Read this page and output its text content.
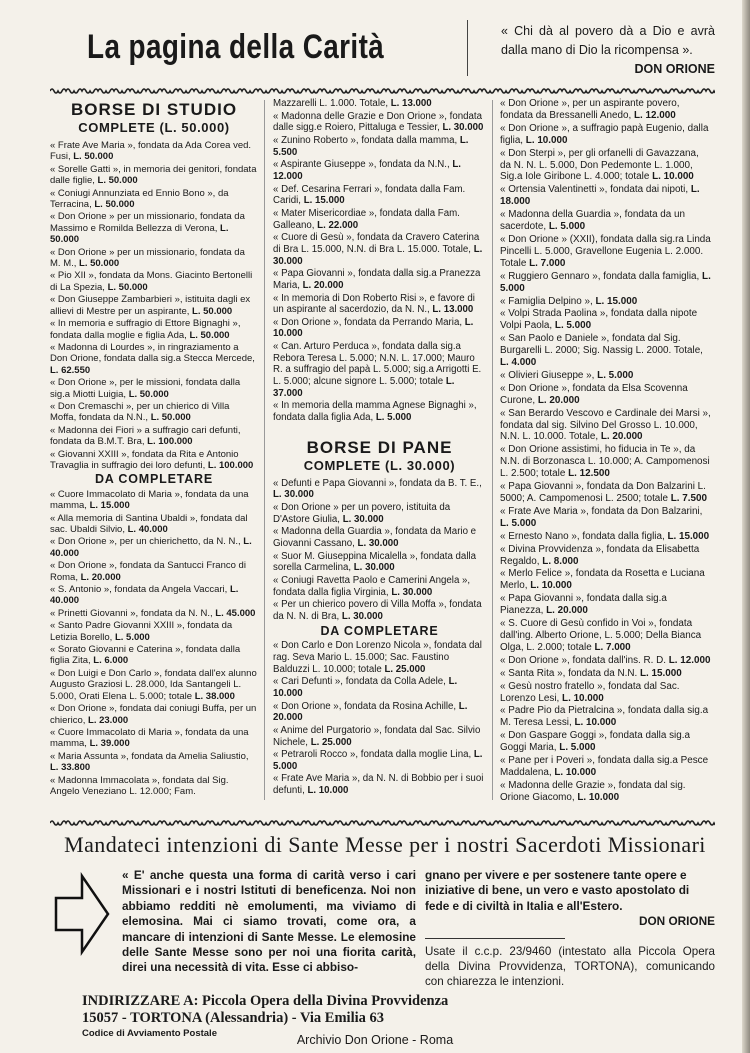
La pagina della Carità	« Chi dà al povero dà a Dio e avrà dalla mano di Dio la ricompensa ».
DON ORIONE
BORSE DI STUDIO
COMPLETE (L. 50.000)
« Frate Ave Maria », fondata da Ada Corea ved. Fusi, L. 50.000
« Sorelle Gatti », in memoria dei genitori, fondata dalle figlie, L. 50.000
« Coniugi Annunziata ed Ennio Bono », da Terracina, L. 50.000
« Don Orione » per un missionario, fondata da Massimo e Romilda Bellezza di Verona, L. 50.000
« Don Orione » per un missionario, fondata da M. M., L. 50.000
« Pio XII », fondata da Mons. Giacinto Bertonelli di La Spezia, L. 50.000
« Don Giuseppe Zambarbieri », istituita dagli ex allievi di Mestre per un aspirante, L. 50.000
« In memoria e suffragio di Ettore Bignaghi », fondata dalla moglie e figlia Ada, L. 50.000
« Madonna di Lourdes », in ringraziamento a Don Orione, fondata dalla sig.a Stecca Mercede, L. 62.550
« Don Orione », per le missioni, fondata dalla sig.a Miotti Luigia, L. 50.000
« Don Cremaschi », per un chierico di Villa Moffa, fondata da N.N., L. 50.000
« Madonna dei Fiori » a suffragio cari defunti, fondata da B.M.T. Bra, L. 100.000
« Giovanni XXIII », fondata da Rita e Antonio Travaglia in suffragio dei loro defunti, L. 100.000
DA COMPLETARE
« Cuore Immacolato di Maria », fondata da una mamma, L. 15.000
« Alla memoria di Santina Ubaldi », fondata dal sac. Ubaldi Silvio, L. 40.000
« Don Orione », per un chierichetto, da N. N., L. 40.000
« Don Orione », fondata da Santucci Franco di Roma, L. 20.000
« S. Antonio », fondata da Angela Vaccari, L. 40.000
« Prinetti Giovanni », fondata da N. N., L. 45.000
« Santo Padre Giovanni XXIII », fondata da Letizia Borello, L. 5.000
« Sorato Giovanni e Caterina », fondata dalla figlia Zita, L. 6.000
« Don Luigi e Don Carlo », fondata dall'ex alunno Augusto Graziosi L. 28.000, Ida Santangeli L. 5.000, Orati Elena L. 5.000; totale L. 38.000
« Don Orione », fondata dai coniugi Buffa, per un chierico, L. 23.000
« Cuore Immacolato di Maria », fondata da una mamma, L. 39.000
« Maria Assunta », fondata da Amelia Saliustio, L. 33.800
« Madonna Immacolata », fondata dal Sig. Angelo Veneziano L. 12.000; Fam.
Mazzarelli L. 1.000. Totale, L. 13.000
« Madonna delle Grazie e Don Orione », fondata dalle sigg.e Roiero, Pittaluga e Tessier, L. 30.000
« Zunino Roberto », fondata dalla mamma, L. 5.500
« Aspirante Giuseppe », fondata da N.N., L. 12.000
« Def. Cesarina Ferrari », fondata dalla Fam. Caridi, L. 15.000
« Mater Misericordiae », fondata dalla Fam. Galleano, L. 22.000
« Cuore di Gesù », fondata da Cravero Caterina di Bra L. 15.000, N.N. di Bra L. 15.000. Totale, L. 30.000
« Papa Giovanni », fondata dalla sig.a Pranezza Maria, L. 20.000
« In memoria di Don Roberto Risi », e favore di un aspirante al sacerdozio, da N. N., L. 13.000
« Don Orione », fondata da Perrando Maria, L. 10.000
« Can. Arturo Perduca », fondata dalla sig.a Rebora Teresa L. 5.000; N.N. L. 17.000; Mauro R. a suffragio del papà L. 5.000; sig.a Arrigotti E. L. 5.000; alcune signore L. 5.000; totale L. 37.000
« In memoria della mamma Agnese Bignaghi », fondata dalla figlia Ada, L. 5.000
BORSE DI PANE
COMPLETE (L. 30.000)
« Defunti e Papa Giovanni », fondata da B. T. E., L. 30.000
« Don Orione » per un povero, istituita da D'Astore Giulia, L. 30.000
« Madonna della Guardia », fondata da Mario e Giovanni Cassano, L. 30.000
« Suor M. Giuseppina Micalella », fondata dalla sorella Carmelina, L. 30.000
« Coniugi Ravetta Paolo e Camerini Angela », fondata dalla figlia Virginia, L. 30.000
« Per un chierico povero di Villa Moffa », fondata da N. N. di Bra, L. 30.000
DA COMPLETARE
« Don Carlo e Don Lorenzo Nicola », fondata dal rag. Seva Mario L. 15.000; Sac. Faustino Balduzzi L. 10.000; totale L. 25.000
« Cari Defunti », fondata da Colla Adele, L. 10.000
« Don Orione », fondata da Rosina Achille, L. 20.000
« Anime del Purgatorio », fondata dal Sac. Silvio Nichele, L. 25.000
« Petraroli Rocco », fondata dalla moglie Lina, L. 5.000
« Frate Ave Maria », da N. N. di Bobbio per i suoi defunti, L. 10.000
« Don Orione », per un aspirante povero, fondata da Bressanelli Anedo, L. 12.000
« Don Orione », a suffragio papà Eugenio, dalla figlia, L. 10.000
« Don Sterpi », per gli orfanelli di Gavazzana, da N. N. L. 5.000, Don Pedemonte L. 1.000, Sig.a Iole Giribone L. 4.000; totale L. 10.000
« Ortensia Valentinetti », fondata dai nipoti, L. 18.000
« Madonna della Guardia », fondata da un sacerdote, L. 5.000
« Don Orione » (XXII), fondata dalla sig.ra Linda Pincelli L. 5.000, Gravellone Eugenia L. 2.000. Totale L. 7.000
« Ruggiero Gennaro », fondata dalla famiglia, L. 5.000
« Famiglia Delpino », L. 15.000
« Volpi Strada Paolina », fondata dalla nipote Volpi Paola, L. 5.000
« San Paolo e Daniele », fondata dal Sig. Burgarelli L. 2000; Sig. Nassig L. 2000. Totale, L. 4.000
« Olivieri Giuseppe », L. 5.000
« Don Orione », fondata da Elsa Scovenna Curone, L. 20.000
« San Berardo Vescovo e Cardinale dei Marsi », fondata dal sig. Silvino Del Grosso L. 10.000, N.N. L. 10.000. Totale, L. 20.000
« Don Orione assistimi, ho fiducia in Te », da N.N. di Borzonasca L. 10.000; A. Campomenosi L. 2.500; totale L. 12.500
« Papa Giovanni », fondata da Don Balzarini L. 5000; A. Campomenosi L. 2500; totale L. 7.500
« Frate Ave Maria », fondata da Don Balzarini, L. 5.000
« Ernesto Nano », fondata dalla figlia, L. 15.000
« Divina Provvidenza », fondata da Elisabetta Regaldo, L. 8.000
« Merlo Felice », fondata da Rosetta e Luciana Merlo, L. 10.000
« Papa Giovanni », fondata dalla sig.a Pianezza, L. 20.000
« S. Cuore di Gesù confido in Voi », fondata dall'ing. Alberto Orione, L. 5.000; Della Bianca Olga, L. 2.000; totale L. 7.000
« Don Orione », fondata dall'ins. R. D. L. 12.000
« Santa Rita », fondata da N.N. L. 15.000
« Gesù nostro fratello », fondata dal Sac. Lorenzo Lesi, L. 10.000
« Padre Pio da Pietralcina », fondata dalla sig.a M. Teresa Lessi, L. 10.000
« Don Gaspare Goggi », fondata dalla sig.a Goggi Maria, L. 5.000
« Pane per i Poveri », fondata dalla sig.a Pesce Maddalena, L. 10.000
« Madonna delle Grazie », fondata dal sig. Orione Giacomo, L. 10.000
Mandateci intenzioni di Sante Messe per i nostri Sacerdoti Missionari
« E' anche questa una forma di carità verso i cari Missionari e i nostri Istituti di beneficenza. Noi non abbiamo redditi nè emolumenti, ma viviamo di elemosina. Mai ci siamo trovati, come ora, a mancare di intenzioni di Sante Messe. Le elemosine delle Sante Messe sono per noi una fiorita carità, direi una necessità di vita. Esse ci abbiso-
gnano per vivere e per sostenere tante opere e iniziative di bene, un vero e vasto apostolato di fede e di civiltà in Italia e all'Estero.
DON ORIONE
Usate il c.c.p. 23/9460 (intestato alla Piccola Opera della Divina Provvidenza, TORTONA), comunicando con chiarezza le intenzioni.
INDIRIZZARE A: Piccola Opera della Divina Provvidenza
15057 - TORTONA (Alessandria) - Via Emilia 63
Codice di Avviamento Postale	Archivio Don Orione - Roma
